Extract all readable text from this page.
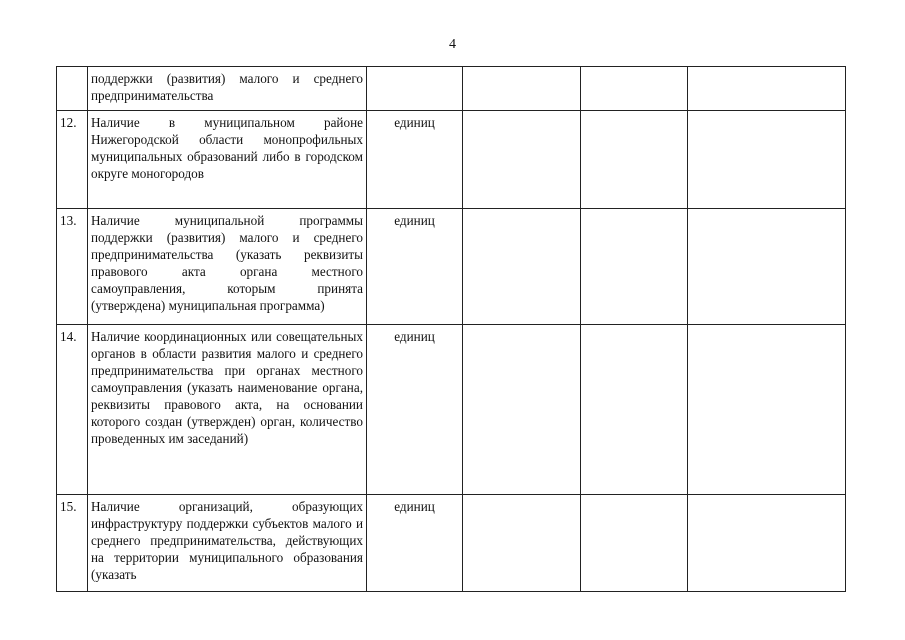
4
	поддержки (развития) малого и среднего предпринимательства				
12.	Наличие в муниципальном районе Нижегородской области монопрофильных муниципальных образований либо в городском округе моногородов	единиц			
13.	Наличие муниципальной программы поддержки (развития) малого и среднего предпринимательства (указать реквизиты правового акта органа местного самоуправления, которым принята (утверждена) муниципальная программа)	единиц			
14.	Наличие координационных или совещательных органов в области развития малого и среднего предпринимательства при органах местного самоуправления (указать наименование органа, реквизиты правового акта, на основании которого создан (утвержден) орган, количество проведенных им заседаний)	единиц			
15.	Наличие организаций, образующих инфраструктуру поддержки субъектов малого и среднего предпринимательства, действующих на территории муниципального образования (указать	единиц			
